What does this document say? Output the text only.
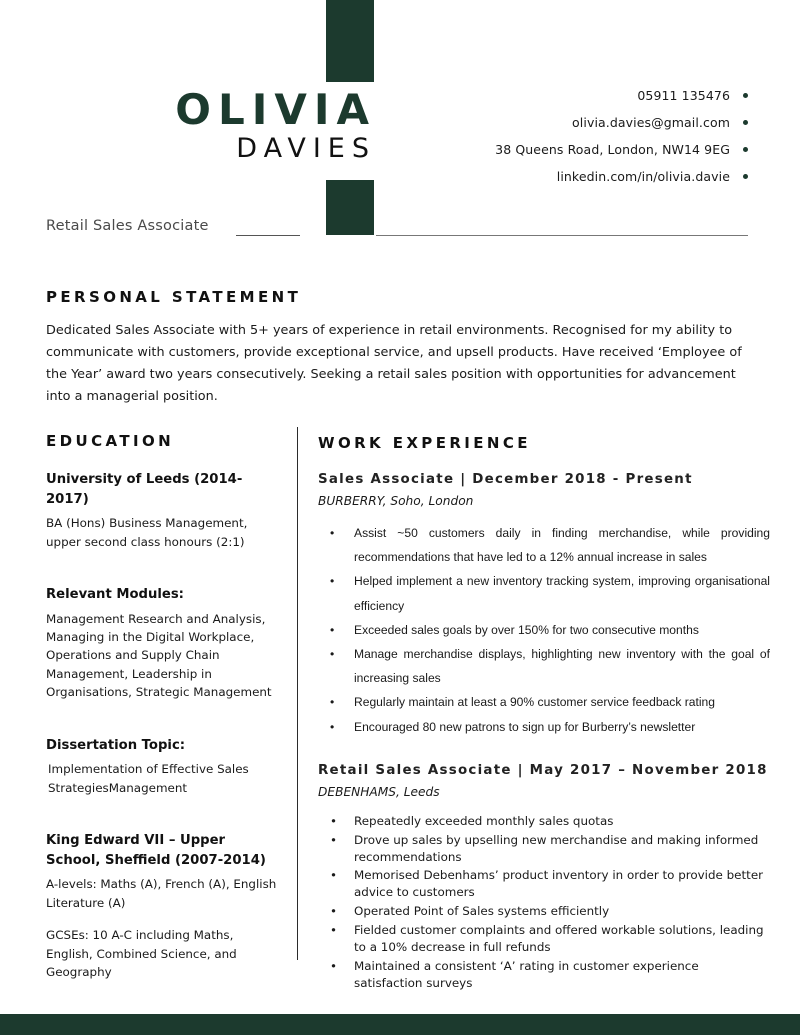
OLIVIA

DAVIES

05911 135476
olivia.davies@gmail.com
38 Queens Road, London, NW14 9EG
linkedin.com/in/olivia.davie
Retail Sales Associate
PERSONAL STATEMENT

Dedicated Sales Associate with 5+ years of experience in retail environments. Recognised for my ability to communicate with customers, provide exceptional service, and upsell products. Have received ‘Employee of the Year’ award two years consecutively. Seeking a retail sales position with opportunities for advancement into a managerial position.

EDUCATION

University of Leeds (2014-2017)

BA (Hons) Business Management, upper second class honours (2:1)

Relevant Modules:

Management Research and Analysis, Managing in the Digital Workplace, Operations and Supply Chain Management, Leadership in Organisations, Strategic Management

Dissertation Topic:

Implementation of Effective Sales StrategiesManagement

King Edward VII – Upper School, Sheffield (2007-2014)

A-levels: Maths (A), French (A), English Literature (A)

GCSEs: 10 A-C including Maths, English, Combined Science, and Geography

WORK EXPERIENCE

Sales Associate | December 2018 - Present

BURBERRY, Soho, London

• Assist ~50 customers daily in finding merchandise, while providing recommendations that have led to a 12% annual increase in sales
• Helped implement a new inventory tracking system, improving organisational efficiency
• Exceeded sales goals by over 150% for two consecutive months
• Manage merchandise displays, highlighting new inventory with the goal of increasing sales
• Regularly maintain at least a 90% customer service feedback rating
• Encouraged 80 new patrons to sign up for Burberry’s newsletter

Retail Sales Associate | May 2017 – November 2018

DEBENHAMS, Leeds

• Repeatedly exceeded monthly sales quotas
• Drove up sales by upselling new merchandise and making informed recommendations
• Memorised Debenhams’ product inventory in order to provide better advice to customers
• Operated Point of Sales systems efficiently
• Fielded customer complaints and offered workable solutions, leading to a 10% decrease in full refunds
• Maintained a consistent ‘A’ rating in customer experience satisfaction surveys
